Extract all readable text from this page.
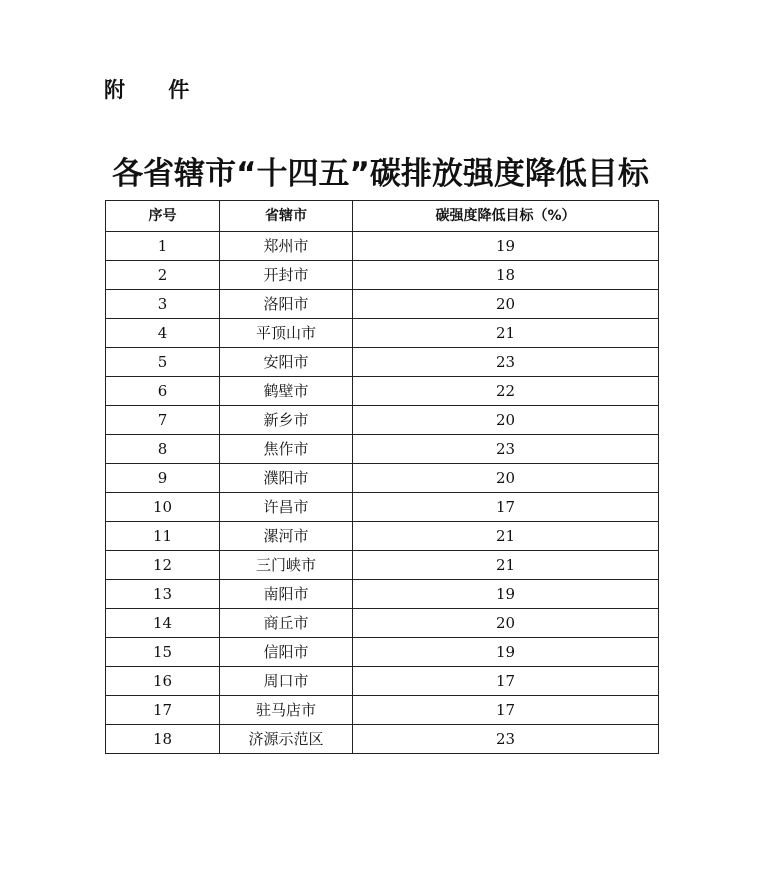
附 件

各省辖市“十四五”碳排放强度降低目标
序号	省辖市	碳强度降低目标（%）
1	郑州市	19
2	开封市	18
3	洛阳市	20
4	平顶山市	21
5	安阳市	23
6	鹤壁市	22
7	新乡市	20
8	焦作市	23
9	濮阳市	20
10	许昌市	17
11	漯河市	21
12	三门峡市	21
13	南阳市	19
14	商丘市	20
15	信阳市	19
16	周口市	17
17	驻马店市	17
18	济源示范区	23
